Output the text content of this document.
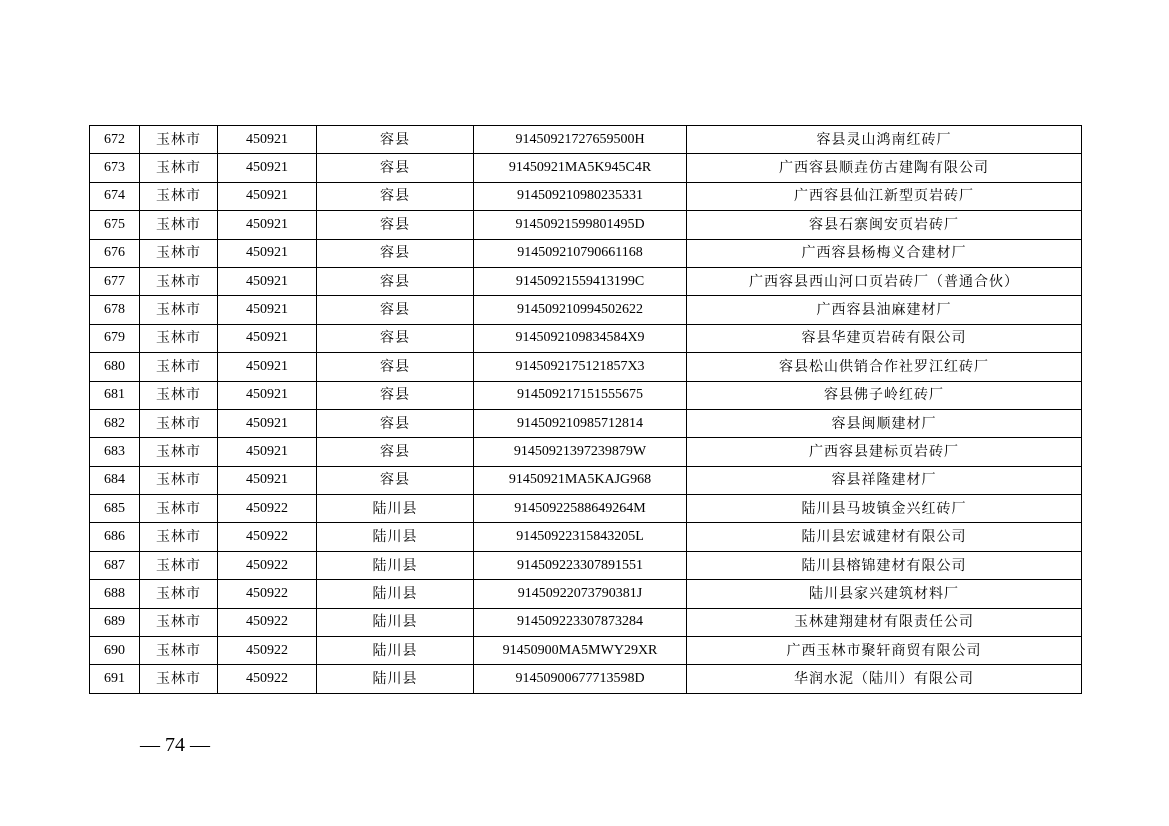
672	玉林市	450921	容县	91450921727659500H	容县灵山鸿南红砖厂
673	玉林市	450921	容县	91450921MA5K945C4R	广西容县顺垚仿古建陶有限公司
674	玉林市	450921	容县	914509210980235331	广西容县仙江新型页岩砖厂
675	玉林市	450921	容县	91450921599801495D	容县石寨闽安页岩砖厂
676	玉林市	450921	容县	914509210790661168	广西容县杨梅义合建材厂
677	玉林市	450921	容县	91450921559413199C	广西容县西山河口页岩砖厂（普通合伙）
678	玉林市	450921	容县	914509210994502622	广西容县油麻建材厂
679	玉林市	450921	容县	9145092109834584X9	容县华建页岩砖有限公司
680	玉林市	450921	容县	9145092175121857X3	容县松山供销合作社罗江红砖厂
681	玉林市	450921	容县	914509217151555675	容县佛子岭红砖厂
682	玉林市	450921	容县	914509210985712814	容县闽顺建材厂
683	玉林市	450921	容县	91450921397239879W	广西容县建标页岩砖厂
684	玉林市	450921	容县	91450921MA5KAJG968	容县祥隆建材厂
685	玉林市	450922	陆川县	91450922588649264M	陆川县马坡镇金兴红砖厂
686	玉林市	450922	陆川县	91450922315843205L	陆川县宏诚建材有限公司
687	玉林市	450922	陆川县	914509223307891551	陆川县榕锦建材有限公司
688	玉林市	450922	陆川县	91450922073790381J	陆川县家兴建筑材料厂
689	玉林市	450922	陆川县	914509223307873284	玉林建翔建材有限责任公司
690	玉林市	450922	陆川县	91450900MA5MWY29XR	广西玉林市聚轩商贸有限公司
691	玉林市	450922	陆川县	91450900677713598D	华润水泥（陆川）有限公司
— 74 —
